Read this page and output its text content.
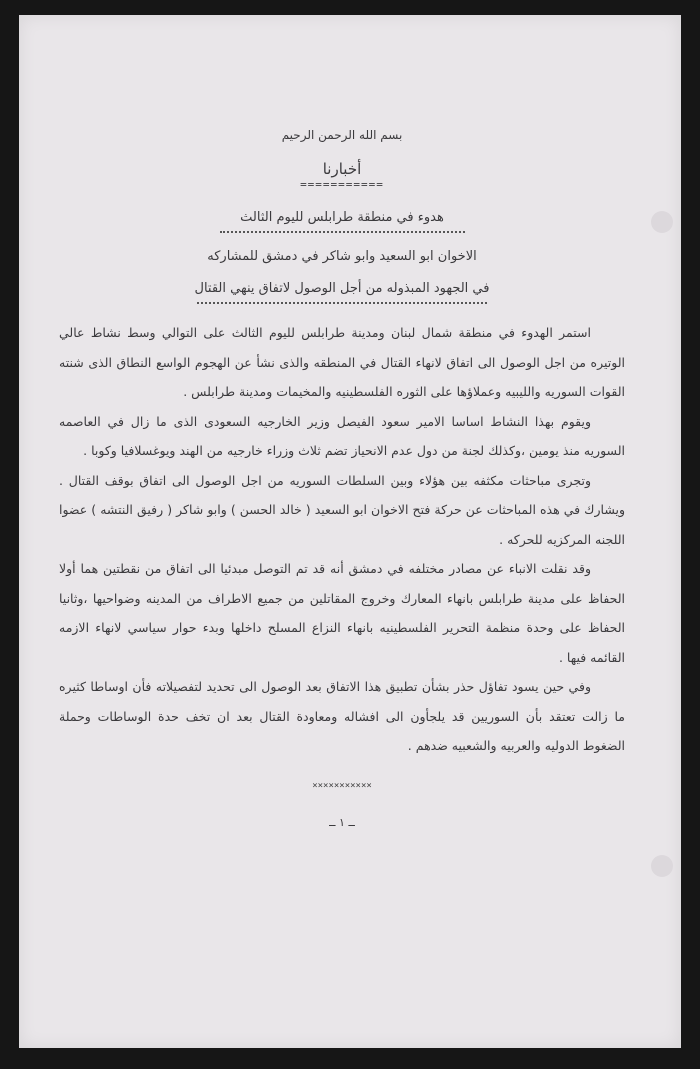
بسم الله الرحمن الرحيم
أخبارنا
===========
هدوء في منطقة طرابلس لليوم الثالث
الاخوان ابو السعيد وابو شاكر في دمشق للمشاركه
في الجهود المبذوله من أجل الوصول لاتفاق ينهي القتال

استمر الهدوء في منطقة شمال لبنان ومدينة طرابلس لليوم الثالث على التوالي وسط نشاط عالي الوتيره من اجل الوصول الى اتفاق لانهاء القتال في المنطقه والذى نشأ عن الهجوم الواسع النطاق الذى شنته القوات السوريه والليبيه وعملاؤها على الثوره الفلسطينيه والمخيمات ومدينة طرابلس .

ويقوم بهذا النشاط اساسا الامير سعود الفيصل وزير الخارجيه السعودى الذى ما زال في العاصمه السوريه منذ يومين ،وكذلك لجنة من دول عدم الانحياز تضم ثلاث وزراء خارجيه من الهند ويوغسلافيا وكوبا .

وتجرى مباحثات مكثفه بين هؤلاء وبين السلطات السوريه من اجل الوصول الى اتفاق بوقف القتال . ويشارك في هذه المباحثات عن حركة فتح الاخوان ابو السعيد ( خالد الحسن ) وابو شاكر ( رفيق النتشه ) عضوا اللجنه المركزيه للحركه .

وقد نقلت الانباء عن مصادر مختلفه في دمشق أنه قد تم التوصل مبدئيا الى اتفاق من نقطتين هما أولا الحفاظ على مدينة طرابلس بانهاء المعارك وخروج المقاتلين من جميع الاطراف من المدينه وضواحيها ،وثانيا الحفاظ على وحدة منظمة التحرير الفلسطينيه بانهاء النزاع المسلح داخلها وبدء حوار سياسي لانهاء الازمه القائمه فيها .

وفي حين يسود تفاؤل حذر بشأن تطبيق هذا الاتفاق بعد الوصول الى تحديد لتفصيلاته فأن اوساطا كثيره ما زالت تعتقد بأن السوريين قد يلجأون الى افشاله ومعاودة القتال بعد ان تخف حدة الوساطات وحملة الضغوط الدوليه والعربيه والشعبيه ضدهم .

×××××××××××
ــ ١ ــ
